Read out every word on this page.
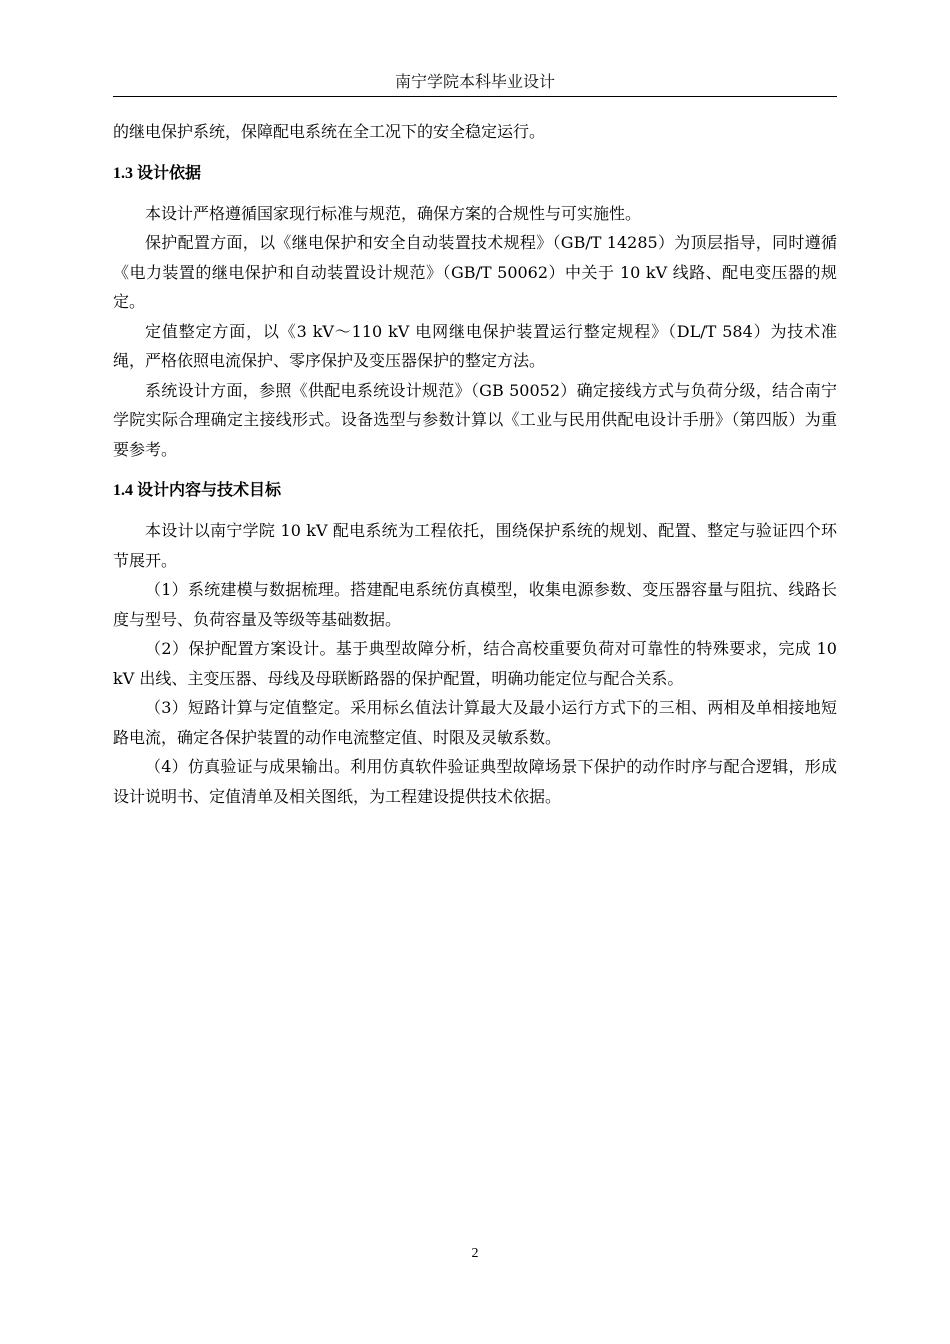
南宁学院本科毕业设计

的继电保护系统，保障配电系统在全工况下的安全稳定运行。

1.3 设计依据

本设计严格遵循国家现行标准与规范，确保方案的合规性与可实施性。

保护配置方面，以《继电保护和安全自动装置技术规程》（GB/T 14285）为顶层指导，同时遵循《电力装置的继电保护和自动装置设计规范》（GB/T 50062）中关于 10 kV 线路、配电变压器的规定。

定值整定方面，以《3 kV～110 kV 电网继电保护装置运行整定规程》（DL/T 584）为技术准绳，严格依照电流保护、零序保护及变压器保护的整定方法。

系统设计方面，参照《供配电系统设计规范》（GB 50052）确定接线方式与负荷分级，结合南宁学院实际合理确定主接线形式。设备选型与参数计算以《工业与民用供配电设计手册》（第四版）为重要参考。

1.4 设计内容与技术目标

本设计以南宁学院 10 kV 配电系统为工程依托，围绕保护系统的规划、配置、整定与验证四个环节展开。

（1）系统建模与数据梳理。搭建配电系统仿真模型，收集电源参数、变压器容量与阻抗、线路长度与型号、负荷容量及等级等基础数据。

（2）保护配置方案设计。基于典型故障分析，结合高校重要负荷对可靠性的特殊要求，完成 10 kV 出线、主变压器、母线及母联断路器的保护配置，明确功能定位与配合关系。

（3）短路计算与定值整定。采用标幺值法计算最大及最小运行方式下的三相、两相及单相接地短路电流，确定各保护装置的动作电流整定值、时限及灵敏系数。

（4）仿真验证与成果输出。利用仿真软件验证典型故障场景下保护的动作时序与配合逻辑，形成设计说明书、定值清单及相关图纸，为工程建设提供技术依据。

2
